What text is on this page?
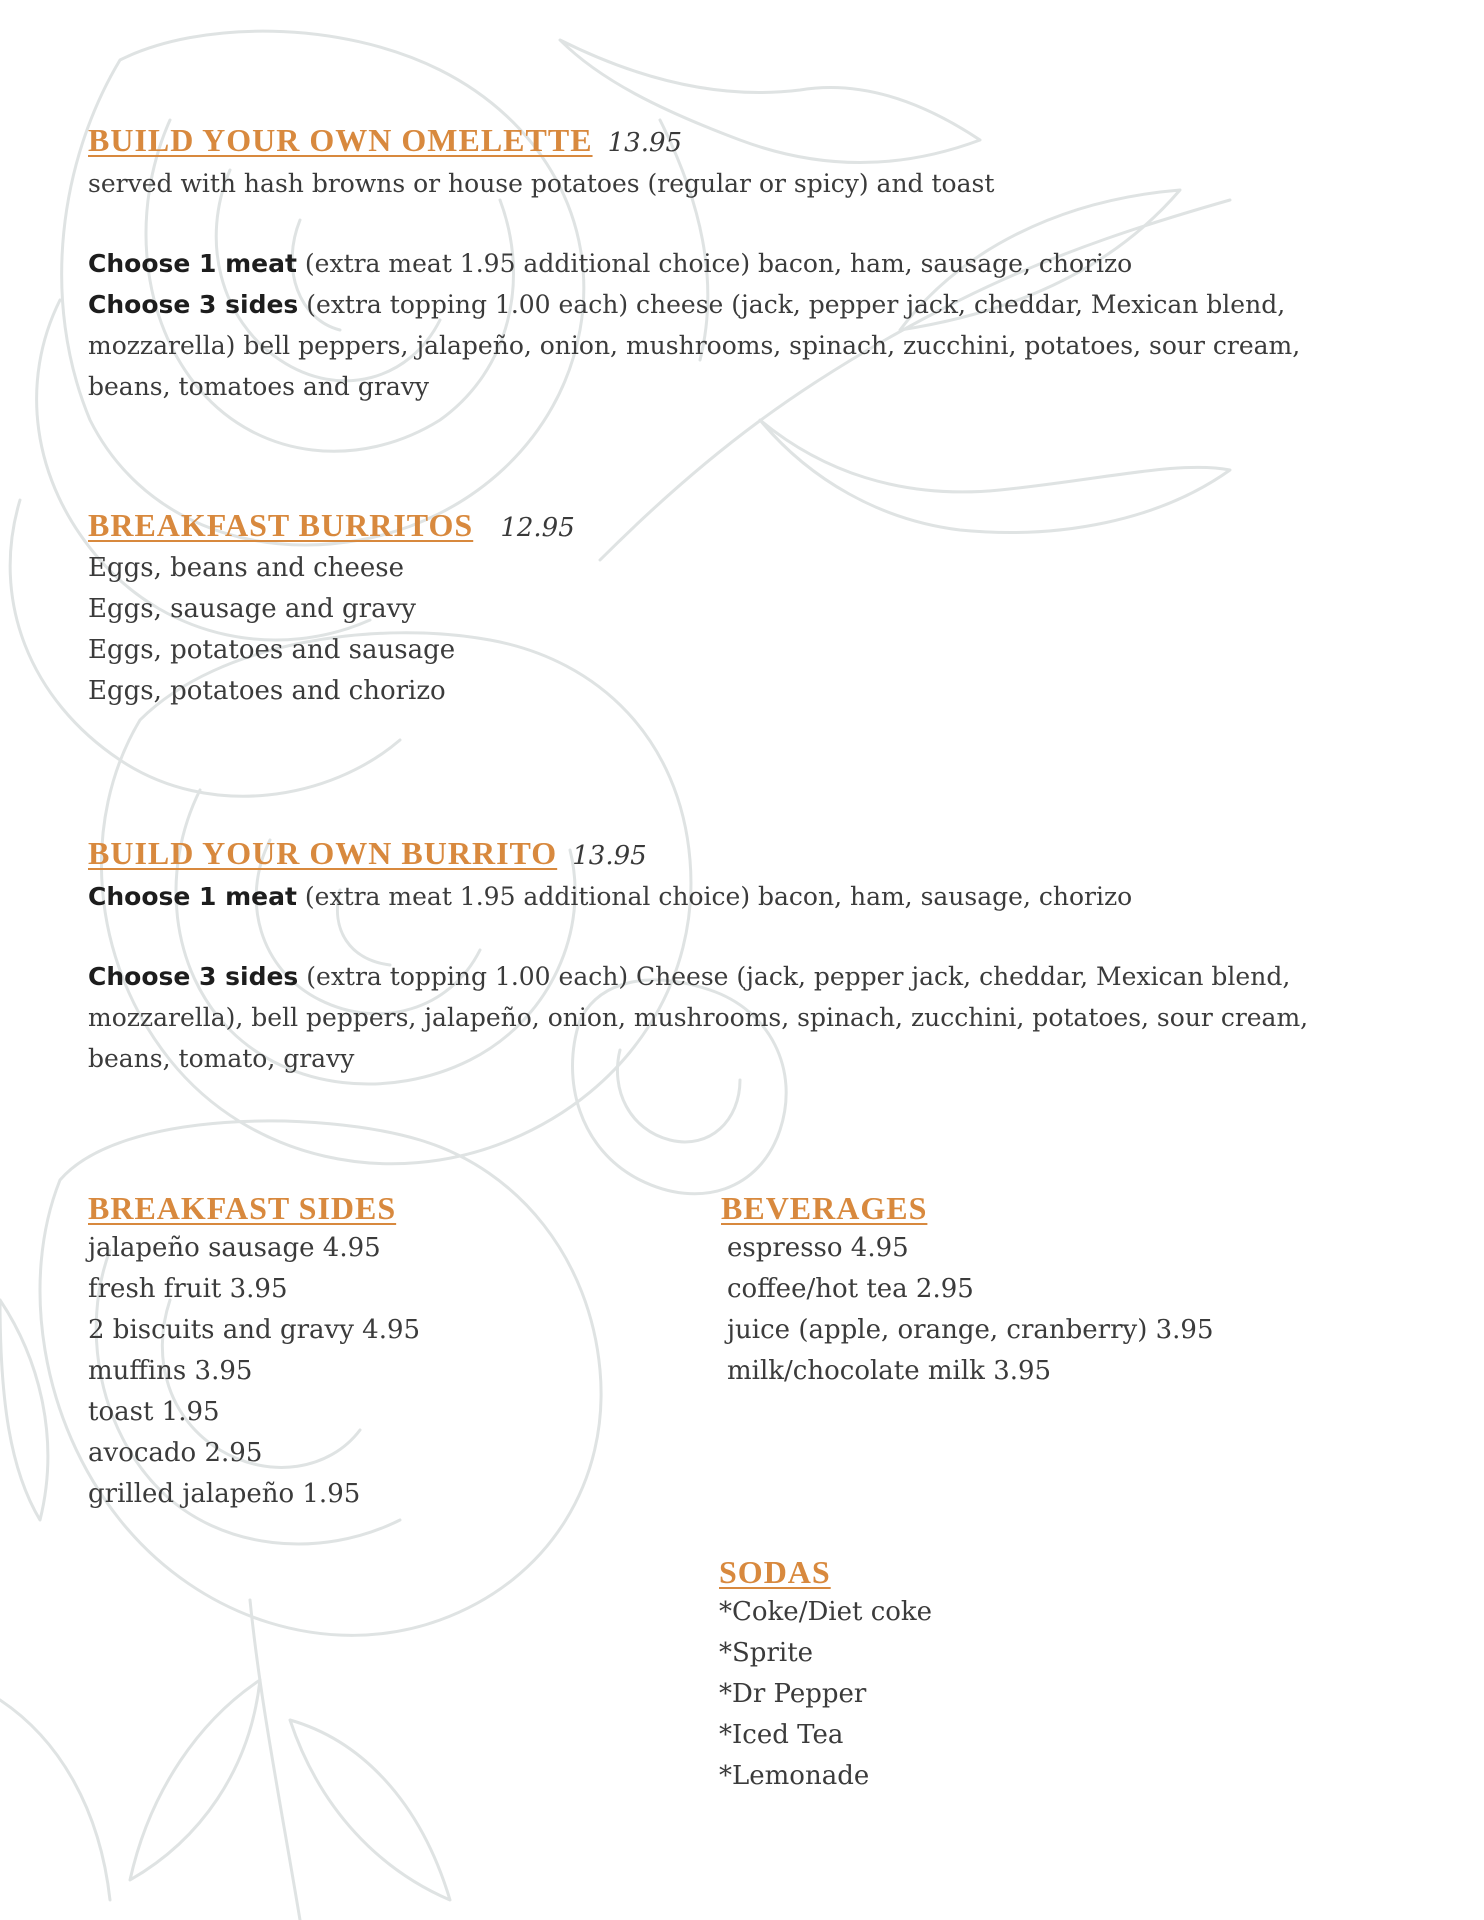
BUILD YOUR OWN OMELETTE 13.95

served with hash browns or house potatoes (regular or spicy) and toast

Choose 1 meat (extra meat 1.95 additional choice) bacon, ham, sausage, chorizo

Choose 3 sides (extra topping 1.00 each) cheese (jack, pepper jack, cheddar, Mexican blend, mozzarella) bell peppers, jalapeño, onion, mushrooms, spinach, zucchini, potatoes, sour cream, beans, tomatoes and gravy

BREAKFAST BURRITOS 12.95
Eggs, beans and cheese
Eggs, sausage and gravy
Eggs, potatoes and sausage
Eggs, potatoes and chorizo
BUILD YOUR OWN BURRITO 13.95

Choose 1 meat (extra meat 1.95 additional choice) bacon, ham, sausage, chorizo

Choose 3 sides (extra topping 1.00 each) Cheese (jack, pepper jack, cheddar, Mexican blend, mozzarella), bell peppers, jalapeño, onion, mushrooms, spinach, zucchini, potatoes, sour cream, beans, tomato, gravy

BREAKFAST SIDES
jalapeño sausage 4.95
fresh fruit 3.95
2 biscuits and gravy 4.95
muffins 3.95
toast 1.95
avocado 2.95
grilled jalapeño 1.95
BEVERAGES
espresso 4.95
coffee/hot tea 2.95
juice (apple, orange, cranberry) 3.95
milk/chocolate milk 3.95
SODAS
*Coke/Diet coke
*Sprite
*Dr Pepper
*Iced Tea
*Lemonade
